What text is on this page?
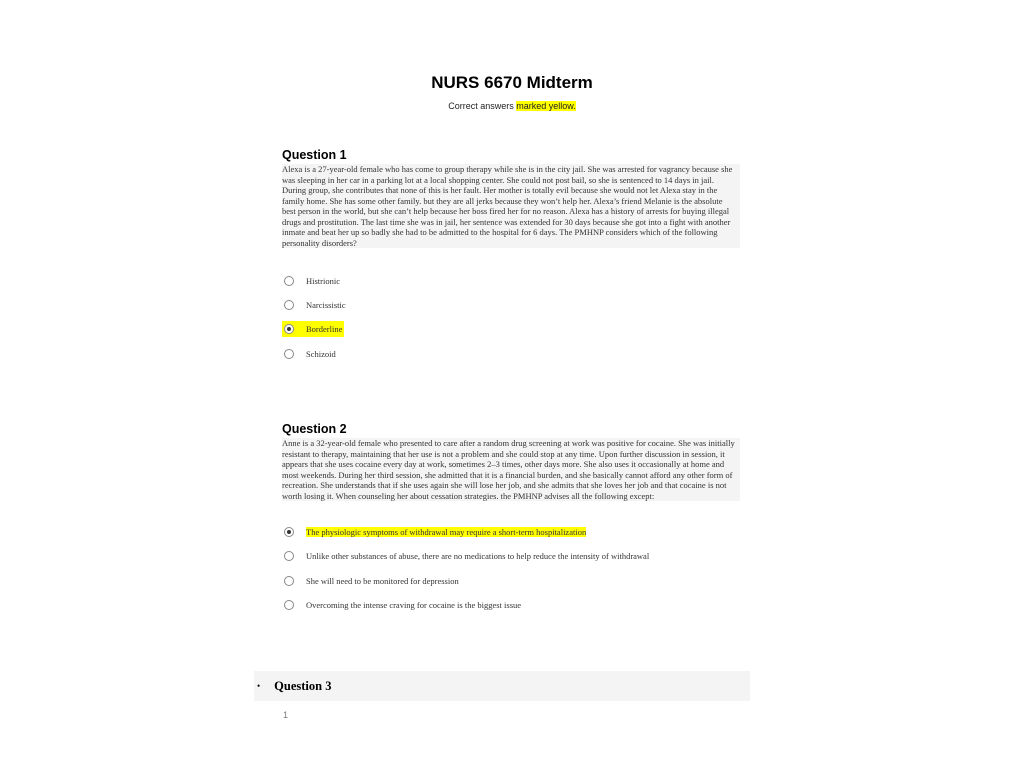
NURS 6670 Midterm
Correct answers marked yellow.
Question 1
Alexa is a 27-year-old female who has come to group therapy while she is in the city jail. She was arrested for vagrancy because she was sleeping in her car in a parking lot at a local shopping center. She could not post bail, so she is sentenced to 14 days in jail. During group, she contributes that none of this is her fault. Her mother is totally evil because she would not let Alexa stay in the family home. She has some other family. but they are all jerks because they won’t help her. Alexa’s friend Melanie is the absolute best person in the world, but she can’t help because her boss fired her for no reason. Alexa has a history of arrests for buying illegal drugs and prostitution. The last time she was in jail, her sentence was extended for 30 days because she got into a fight with another inmate and beat her up so badly she had to be admitted to the hospital for 6 days. The PMHNP considers which of the following personality disorders?
Histrionic
Narcissistic
Borderline
Schizoid
Question 2
Anne is a 32-year-old female who presented to care after a random drug screening at work was positive for cocaine. She was initially resistant to therapy, maintaining that her use is not a problem and she could stop at any time. Upon further discussion in session, it appears that she uses cocaine every day at work, sometimes 2–3 times, other days more. She also uses it occasionally at home and most weekends. During her third session, she admitted that it is a financial burden, and she basically cannot afford any other form of recreation. She understands that if she uses again she will lose her job, and she admits that she loves her job and that cocaine is not worth losing it. When counseling her about cessation strategies. the PMHNP advises all the following except:
The physiologic symptoms of withdrawal may require a short-term hospitalization
Unlike other substances of abuse, there are no medications to help reduce the intensity of withdrawal
She will need to be monitored for depression
Overcoming the intense craving for cocaine is the biggest issue
• Question 3
1
